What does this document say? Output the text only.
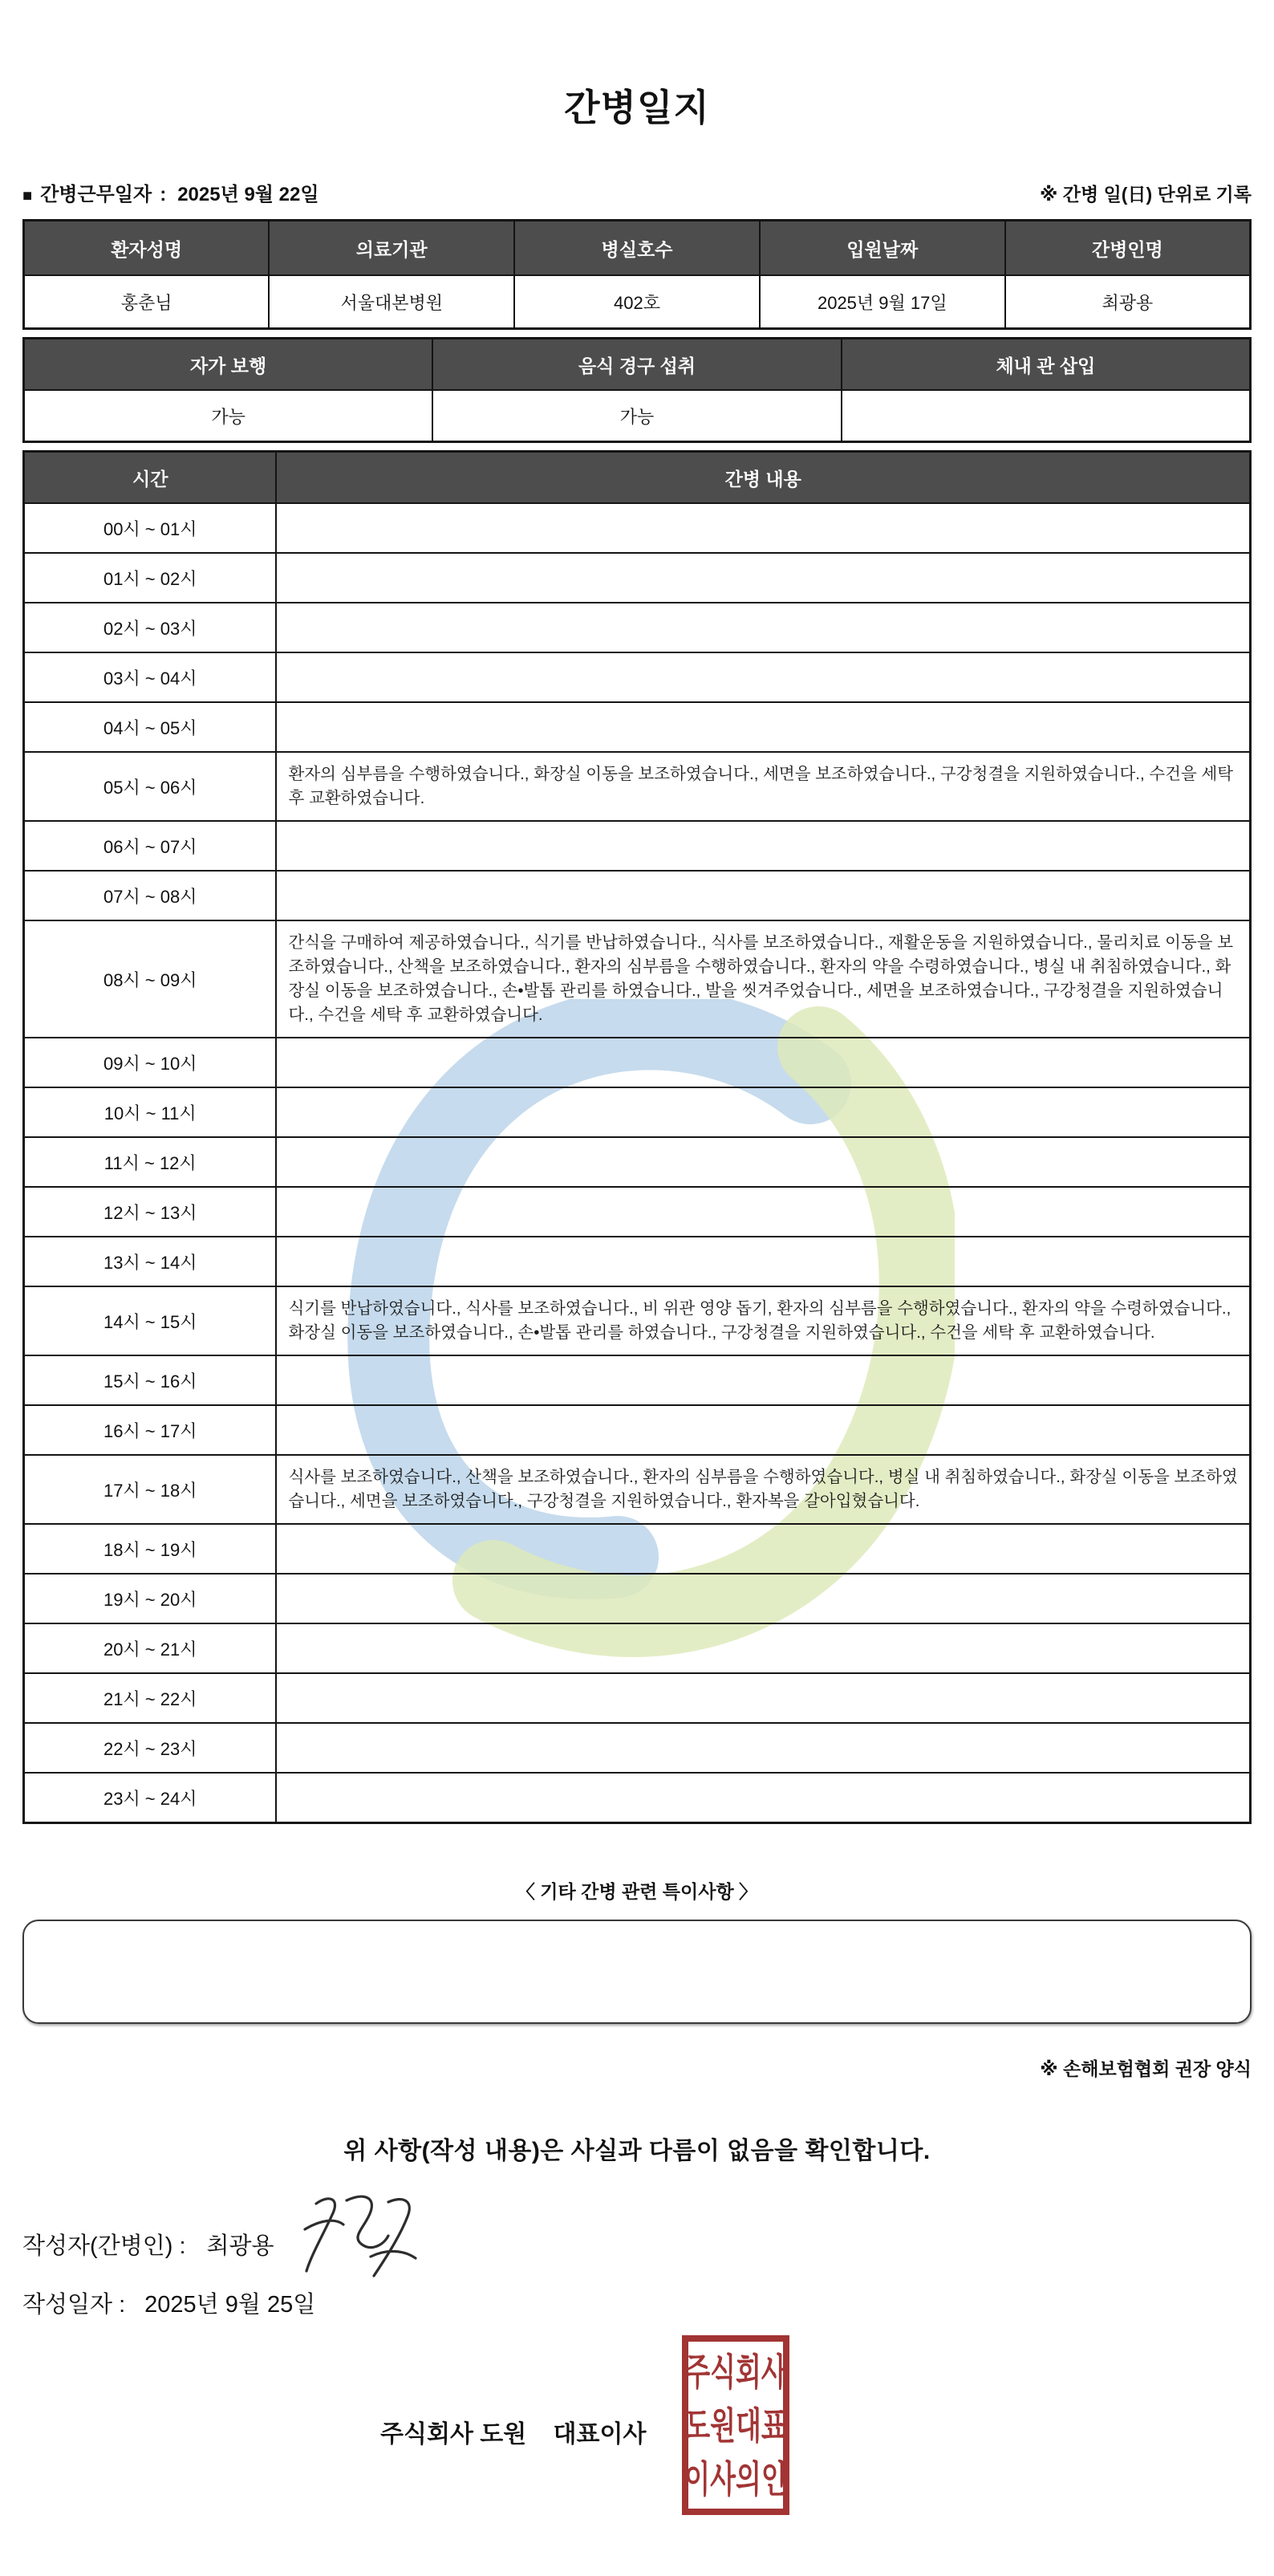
간병일지
■ 간병근무일자 : 2025년 9월 22일	※ 간병 일(日) 단위로 기록
환자성명	의료기관	병실호수	입원날짜	간병인명
홍춘님	서울대본병원	402호	2025년 9월 17일	최광용
자가 보행	음식 경구 섭취	체내 관 삽입
가능	가능	
시간	간병 내용
00시 ~ 01시	
01시 ~ 02시	
02시 ~ 03시	
03시 ~ 04시	
04시 ~ 05시	
05시 ~ 06시	환자의 심부름을 수행하였습니다., 화장실 이동을 보조하였습니다., 세면을 보조하였습니다., 구강청결을 지원하였습니다., 수건을 세탁 후 교환하였습니다.
06시 ~ 07시	
07시 ~ 08시	
08시 ~ 09시	간식을 구매하여 제공하였습니다., 식기를 반납하였습니다., 식사를 보조하였습니다., 재활운동을 지원하였습니다., 물리치료 이동을 보조하였습니다., 산책을 보조하였습니다., 환자의 심부름을 수행하였습니다., 환자의 약을 수령하였습니다., 병실 내 취침하였습니다., 화장실 이동을 보조하였습니다., 손•발톱 관리를 하였습니다., 발을 씻겨주었습니다., 세면을 보조하였습니다., 구강청결을 지원하였습니다., 수건을 세탁 후 교환하였습니다.
09시 ~ 10시	
10시 ~ 11시	
11시 ~ 12시	
12시 ~ 13시	
13시 ~ 14시	
14시 ~ 15시	식기를 반납하였습니다., 식사를 보조하였습니다., 비 위관 영양 돕기, 환자의 심부름을 수행하였습니다., 환자의 약을 수령하였습니다., 화장실 이동을 보조하였습니다., 손•발톱 관리를 하였습니다., 구강청결을 지원하였습니다., 수건을 세탁 후 교환하였습니다.
15시 ~ 16시	
16시 ~ 17시	
17시 ~ 18시	식사를 보조하였습니다., 산책을 보조하였습니다., 환자의 심부름을 수행하였습니다., 병실 내 취침하였습니다., 화장실 이동을 보조하였습니다., 세면을 보조하였습니다., 구강청결을 지원하였습니다., 환자복을 갈아입혔습니다.
18시 ~ 19시	
19시 ~ 20시	
20시 ~ 21시	
21시 ~ 22시	
22시 ~ 23시	
23시 ~ 24시	
〈 기타 간병 관련 특이사항 〉
※ 손해보험협회 권장 양식
위 사항(작성 내용)은 사실과 다름이 없음을 확인합니다.
작성자(간병인) : 최광용
작성일자 : 2025년 9월 25일
주식회사 도원    대표이사
주식회사
도원대표
이사의인
